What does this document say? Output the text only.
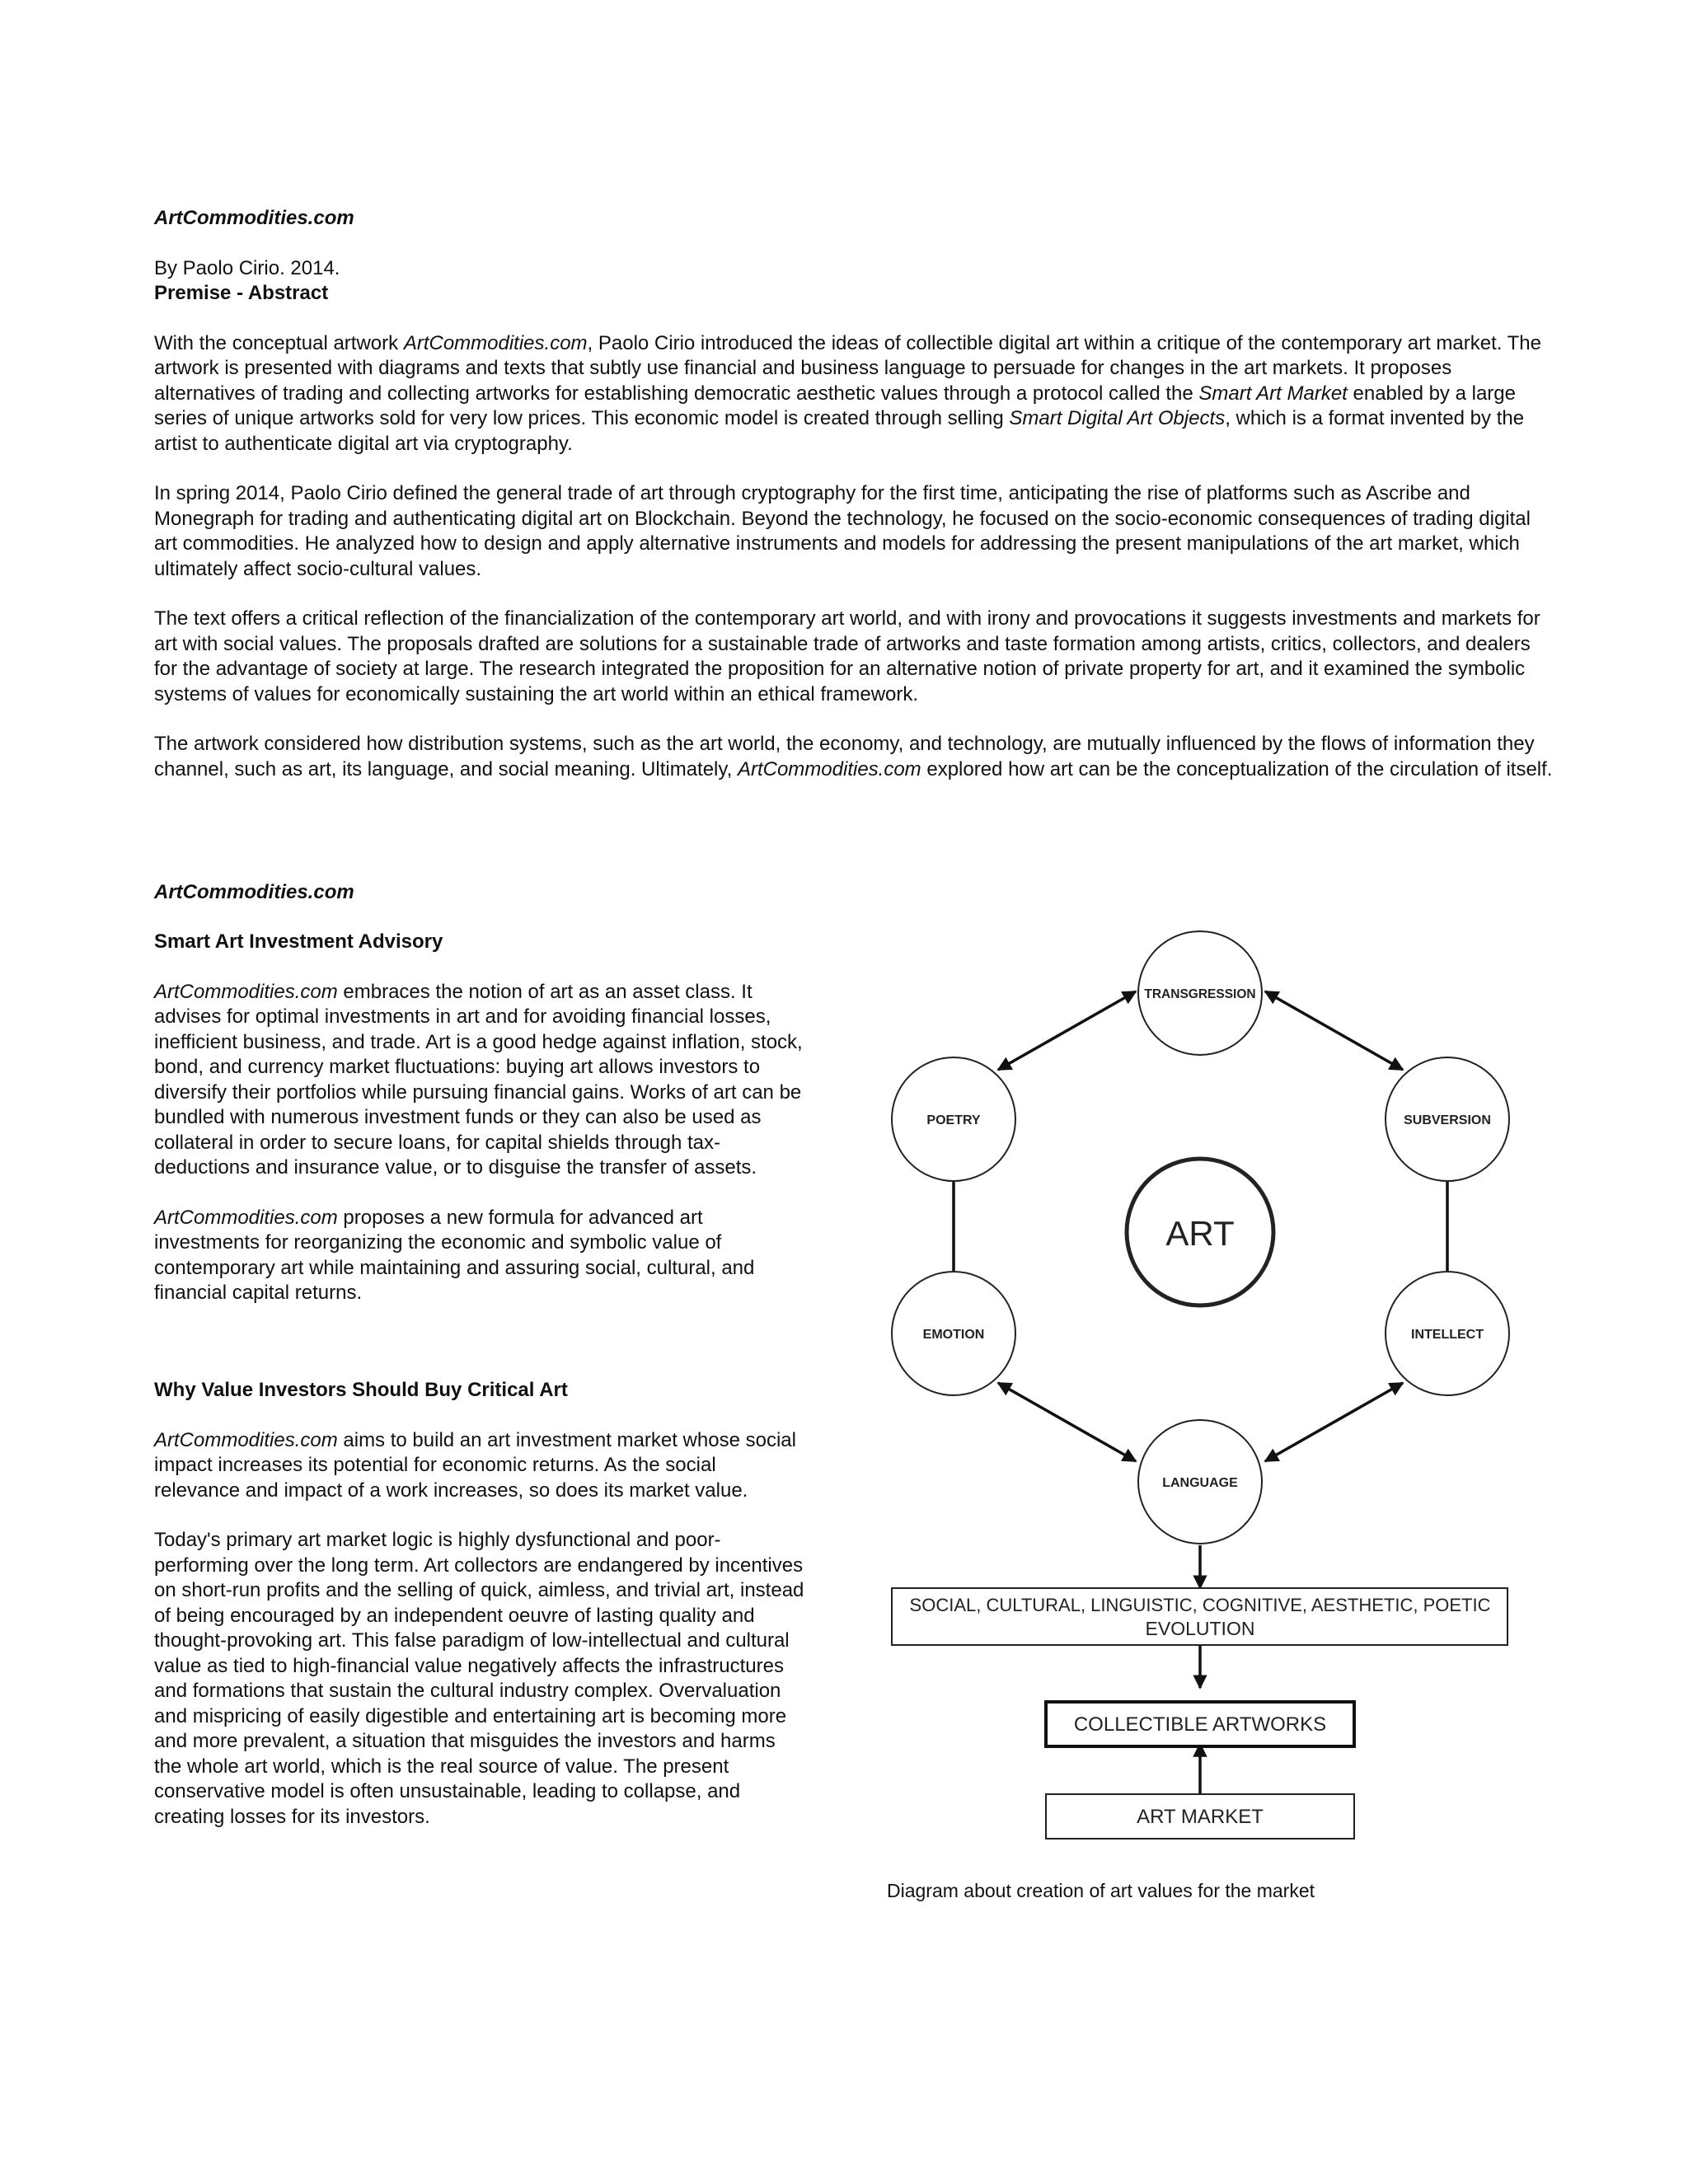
ArtCommodities.com

By Paolo Cirio. 2014.

Premise - Abstract

With the conceptual artwork ArtCommodities.com, Paolo Cirio introduced the ideas of collectible digital art within a critique of the contemporary art market. The artwork is presented with diagrams and texts that subtly use financial and business language to persuade for changes in the art markets. It proposes alternatives of trading and collecting artworks for establishing democratic aesthetic values through a protocol called the Smart Art Market enabled by a large series of unique artworks sold for very low prices. This economic model is created through selling Smart Digital Art Objects, which is a format invented by the artist to authenticate digital art via cryptography.

In spring 2014, Paolo Cirio defined the general trade of art through cryptography for the first time, anticipating the rise of platforms such as Ascribe and Monegraph for trading and authenticating digital art on Blockchain. Beyond the technology, he focused on the socio-economic consequences of trading digital art commodities. He analyzed how to design and apply alternative instruments and models for addressing the present manipulations of the art market, which ultimately affect socio-cultural values.

The text offers a critical reflection of the financialization of the contemporary art world, and with irony and provocations it suggests investments and markets for art with social values. The proposals drafted are solutions for a sustainable trade of artworks and taste formation among artists, critics, collectors, and dealers for the advantage of society at large. The research integrated the proposition for an alternative notion of private property for art, and it examined the symbolic systems of values for economically sustaining the art world within an ethical framework.

The artwork considered how distribution systems, such as the art world, the economy, and technology, are mutually influenced by the flows of information they channel, such as art, its language, and social meaning. Ultimately, ArtCommodities.com explored how art can be the conceptualization of the circulation of itself.

ArtCommodities.com

Smart Art Investment Advisory

ArtCommodities.com embraces the notion of art as an asset class. It advises for optimal investments in art and for avoiding financial losses, inefficient business, and trade. Art is a good hedge against inflation, stock, bond, and currency market fluctuations: buying art allows investors to diversify their portfolios while pursuing financial gains. Works of art can be bundled with numerous investment funds or they can also be used as collateral in order to secure loans, for capital shields through tax-deductions and insurance value, or to disguise the transfer of assets.

ArtCommodities.com proposes a new formula for advanced art investments for reorganizing the economic and symbolic value of contemporary art while maintaining and assuring social, cultural, and financial capital returns.

Why Value Investors Should Buy Critical Art

ArtCommodities.com aims to build an art investment market whose social impact increases its potential for economic returns. As the social relevance and impact of a work increases, so does its market value.

Today's primary art market logic is highly dysfunctional and poor-performing over the long term. Art collectors are endangered by incentives on short-run profits and the selling of quick, aimless, and trivial art, instead of being encouraged by an independent oeuvre of lasting quality and thought-provoking art. This false paradigm of low-intellectual and cultural value as tied to high-financial value negatively affects the infrastructures and formations that sustain the cultural industry complex. Overvaluation and mispricing of easily digestible and entertaining art is becoming more and more prevalent, a situation that misguides the investors and harms the whole art world, which is the real source of value. The present conservative model is often unsustainable, leading to collapse, and creating losses for its investors.

TRANSGRESSION
POETRY	SUBVERSION
EMOTION	INTELLECT
LANGUAGE
ART
SOCIAL, CULTURAL, LINGUISTIC, COGNITIVE, AESTHETIC, POETIC
EVOLUTION
COLLECTIBLE ARTWORKS
ART MARKET
Diagram about creation of art values for the market
